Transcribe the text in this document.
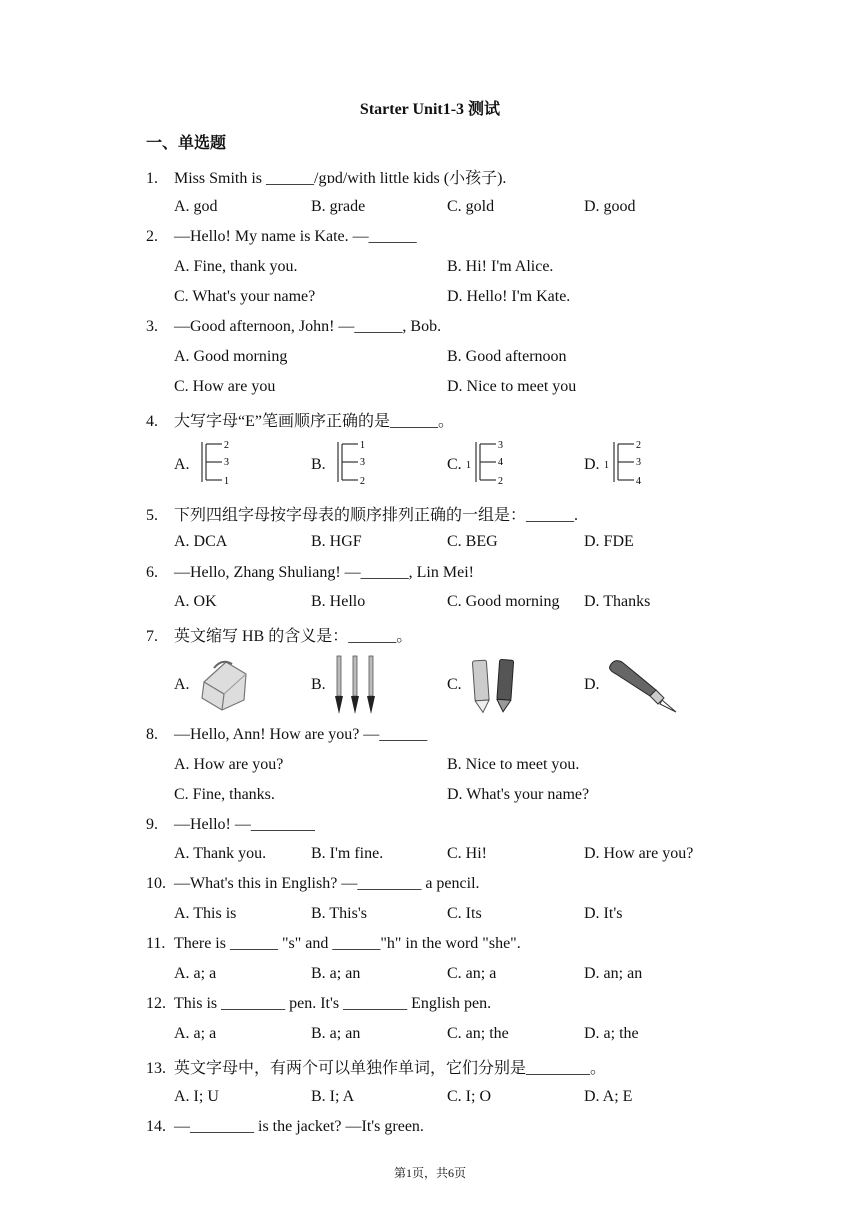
Starter Unit1-3 测试
一、单选题
1. Miss Smith is ______/gɒd/with little kids (小孩子).
A. god	B. grade	C. gold	D. good
2. —Hello! My name is Kate. —______
A. Fine, thank you.	B. Hi! I'm Alice.
C. What's your name?	D. Hello! I'm Kate.
3. —Good afternoon, John! —______, Bob.
A. Good morning	B. Good afternoon
C. How are you	D. Nice to meet you
4. 大写字母“E”笔画顺序正确的是______。
A.	B.	C.	D.
2
3
1
1
3
2
3
4
1
2
2
3
1
4
5. 下列四组字母按字母表的顺序排列正确的一组是：______.
A. DCA	B. HGF	C. BEG	D. FDE
6. —Hello, Zhang Shuliang! —______, Lin Mei!
A. OK	B. Hello	C. Good morning D. Thanks
7. 英文缩写 HB 的含义是：______。
A.	B.	C.	D.
8. —Hello, Ann! How are you? —______
A. How are you?	B. Nice to meet you.
C. Fine, thanks.	D. What's your name?
9. —Hello! —________
A. Thank you.	B. I'm fine.	C. Hi!	D. How are you?
10. —What's this in English? —________ a pencil.
A. This is	B. This's	C. Its	D. It's
11. There is ______ "s" and ______"h" in the word "she".
A. a; a	B. a; an	C. an; a	D. an; an
12. This is ________ pen. It's ________ English pen.
A. a; a	B. a; an	C. an; the	D. a; the
13. 英文字母中，有两个可以单独作单词，它们分别是________。
A. I; U	B. I; A	C. I; O	D. A; E
14. —________ is the jacket? —It's green.
第1页，共6页
